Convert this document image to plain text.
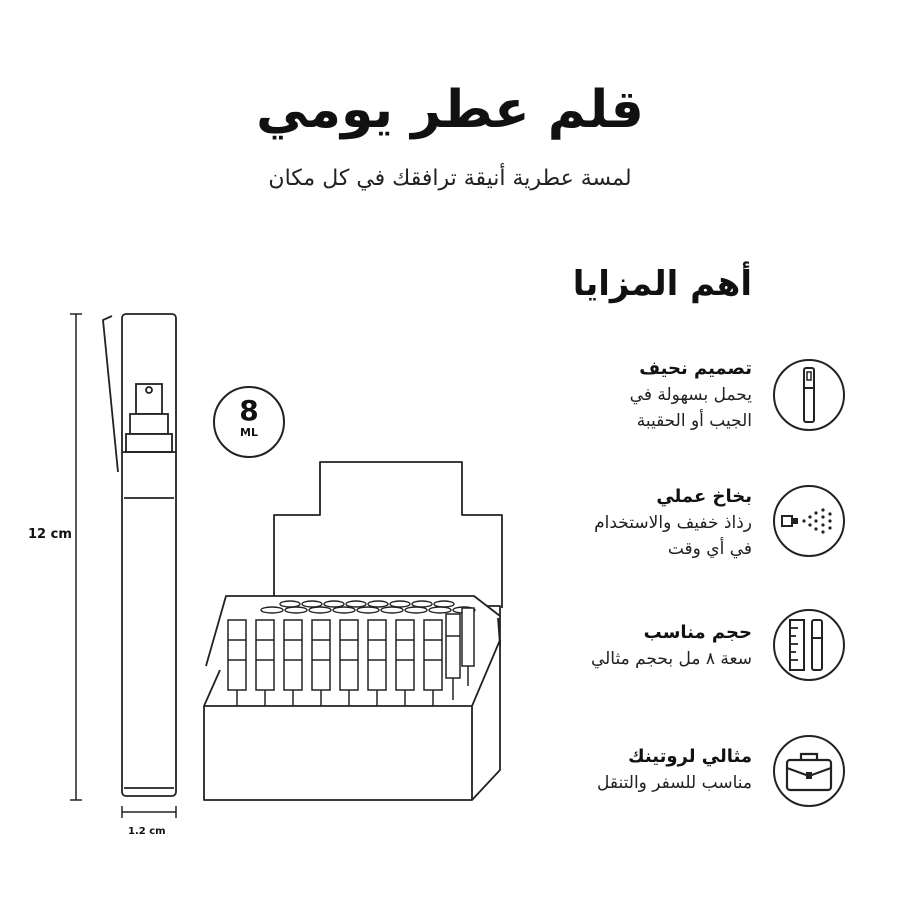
قلم عطر يومي
لمسة عطرية أنيقة ترافقك في كل مكان
8
ML
12 cm
1.2 cm
أهم المزايا
تصميم نحيف
يحمل بسهولة في
الجيب أو الحقيبة
بخاخ عملي
رذاذ خفيف والاستخدام
في أي وقت
حجم مناسب
سعة ٨ مل بحجم مثالي
مثالي لروتينك
مناسب للسفر والتنقل
